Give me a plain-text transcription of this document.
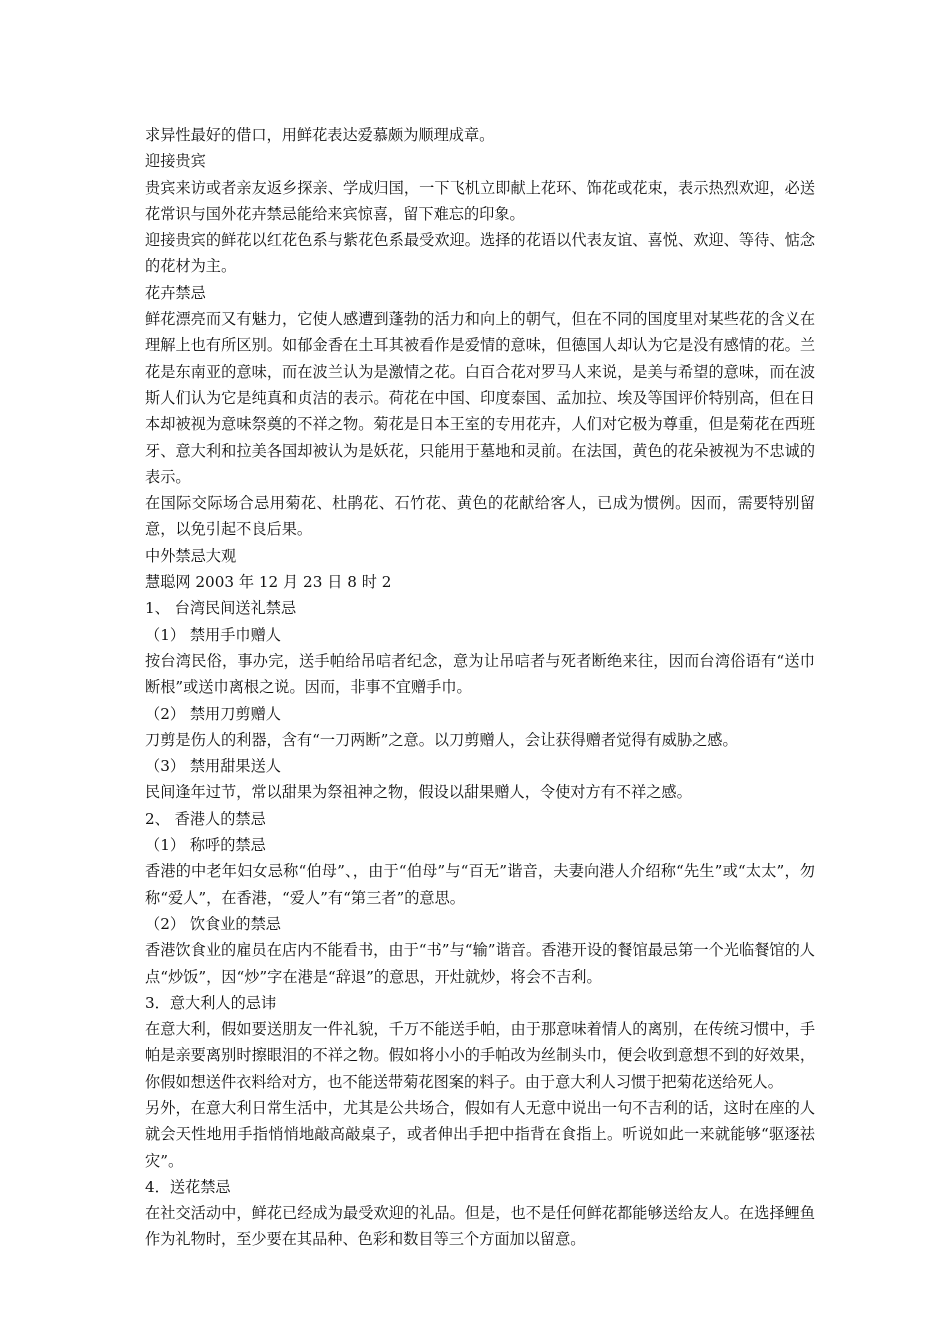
求异性最好的借口，用鲜花表达爱慕颇为顺理成章。

迎接贵宾

贵宾来访或者亲友返乡探亲、学成归国，一下飞机立即献上花环、饰花或花束，表示热烈欢迎，必送花常识与国外花卉禁忌能给来宾惊喜，留下难忘的印象。

迎接贵宾的鲜花以红花色系与紫花色系最受欢迎。选择的花语以代表友谊、喜悦、欢迎、等待、惦念的花材为主。

花卉禁忌

鲜花漂亮而又有魅力，它使人感遭到蓬勃的活力和向上的朝气，但在不同的国度里对某些花的含义在理解上也有所区别。如郁金香在土耳其被看作是爱情的意味，但德国人却认为它是没有感情的花。兰花是东南亚的意味，而在波兰认为是激情之花。白百合花对罗马人来说，是美与希望的意味，而在波斯人们认为它是纯真和贞洁的表示。荷花在中国、印度泰国、孟加拉、埃及等国评价特别高，但在日本却被视为意味祭奠的不祥之物。菊花是日本王室的专用花卉，人们对它极为尊重，但是菊花在西班牙、意大利和拉美各国却被认为是妖花，只能用于墓地和灵前。在法国，黄色的花朵被视为不忠诚的表示。

在国际交际场合忌用菊花、杜鹃花、石竹花、黄色的花献给客人，已成为惯例。因而，需要特别留意，以免引起不良后果。

中外禁忌大观

慧聪网 2003 年 12 月 23 日 8 时 2

1、 台湾民间送礼禁忌

（1） 禁用手巾赠人

按台湾民俗，事办完，送手帕给吊唁者纪念，意为让吊唁者与死者断绝来往，因而台湾俗语有“送巾断根”或送巾离根之说。因而，非事不宜赠手巾。

（2） 禁用刀剪赠人

刀剪是伤人的利器，含有“一刀两断”之意。以刀剪赠人，会让获得赠者觉得有威胁之感。

（3） 禁用甜果送人

民间逢年过节，常以甜果为祭祖神之物，假设以甜果赠人，令使对方有不祥之感。

2、 香港人的禁忌

（1） 称呼的禁忌

香港的中老年妇女忌称“伯母”、，由于“伯母”与“百无”谐音，夫妻向港人介绍称“先生”或“太太”，勿称“爱人”，在香港，“爱人”有“第三者”的意思。

（2） 饮食业的禁忌

香港饮食业的雇员在店内不能看书，由于“书”与“输”谐音。香港开设的餐馆最忌第一个光临餐馆的人点“炒饭”，因“炒”字在港是“辞退”的意思，开灶就炒，将会不吉利。

3．意大利人的忌讳

在意大利，假如要送朋友一件礼貌，千万不能送手帕，由于那意味着情人的离别，在传统习惯中，手帕是亲要离别时擦眼泪的不祥之物。假如将小小的手帕改为丝制头巾，便会收到意想不到的好效果，你假如想送件衣料给对方，也不能送带菊花图案的料子。由于意大利人习惯于把菊花送给死人。

另外，在意大利日常生活中，尤其是公共场合，假如有人无意中说出一句不吉利的话，这时在座的人就会天性地用手指悄悄地敲高敲桌子，或者伸出手把中指背在食指上。听说如此一来就能够“驱逐祛灾”。

4．送花禁忌

在社交活动中，鲜花已经成为最受欢迎的礼品。但是，也不是任何鲜花都能够送给友人。在选择鲤鱼作为礼物时，至少要在其品种、色彩和数目等三个方面加以留意。
